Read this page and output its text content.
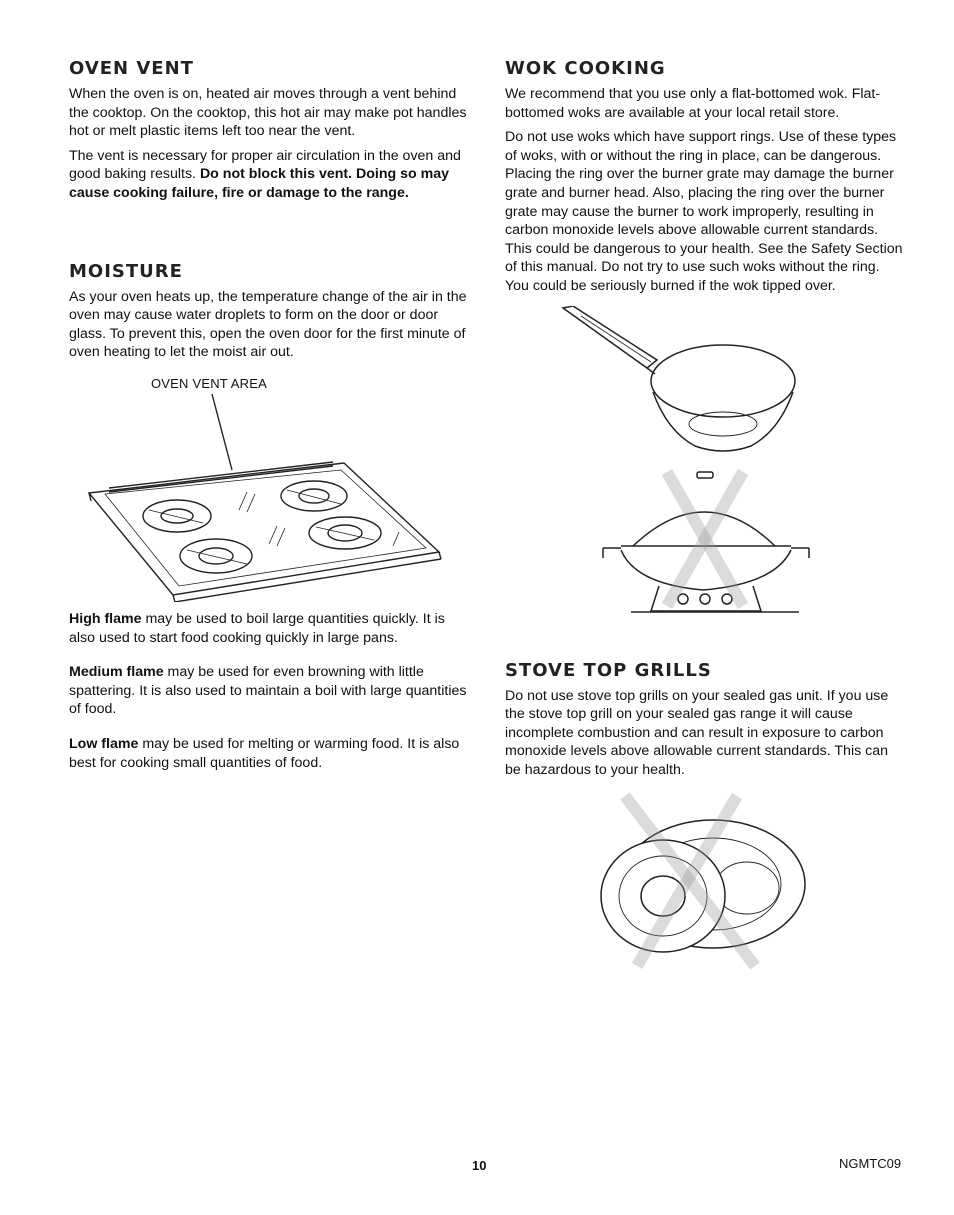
OVEN VENT

When the oven is on, heated air moves through a vent behind the cooktop. On the cooktop, this hot air may make pot handles hot or melt plastic items left too near the vent.

The vent is necessary for proper air circulation in the oven and good baking results. Do not block this vent. Doing so may cause cooking failure, fire or damage to the range.

MOISTURE

As your oven heats up, the temperature change of the air in the oven may cause water droplets to form on the door or door glass. To prevent this, open the oven door for the first minute of oven heating to let the moist air out.

OVEN VENT AREA

High flame may be used to boil large quantities quickly. It is also used to start food cooking quickly in large pans.

Medium flame may be used for even browning with little spattering. It is also used to maintain a boil with large quantities of food.

Low flame may be used for melting or warming food. It is also best for cooking small quantities of food.

WOK COOKING

We recommend that you use only a flat-bottomed wok. Flat-bottomed woks are available at your local retail store.

Do not use woks which have support rings. Use of these types of woks, with or without the ring in place, can be dangerous. Placing the ring over the burner grate may damage the burner grate and burner head. Also, placing the ring over the burner grate may cause the burner to work improperly, resulting in carbon monoxide levels above allowable current standards. This could be dangerous to your health. See the Safety Section of this manual. Do not try to use such woks without the ring. You could be seriously burned if the wok tipped over.

STOVE TOP GRILLS

Do not use stove top grills on your sealed gas unit. If you use the stove top grill on your sealed gas range it will cause incomplete combustion and can result in exposure to carbon monoxide levels above allowable current standards. This can be hazardous to your health.

10	NGMTC09
